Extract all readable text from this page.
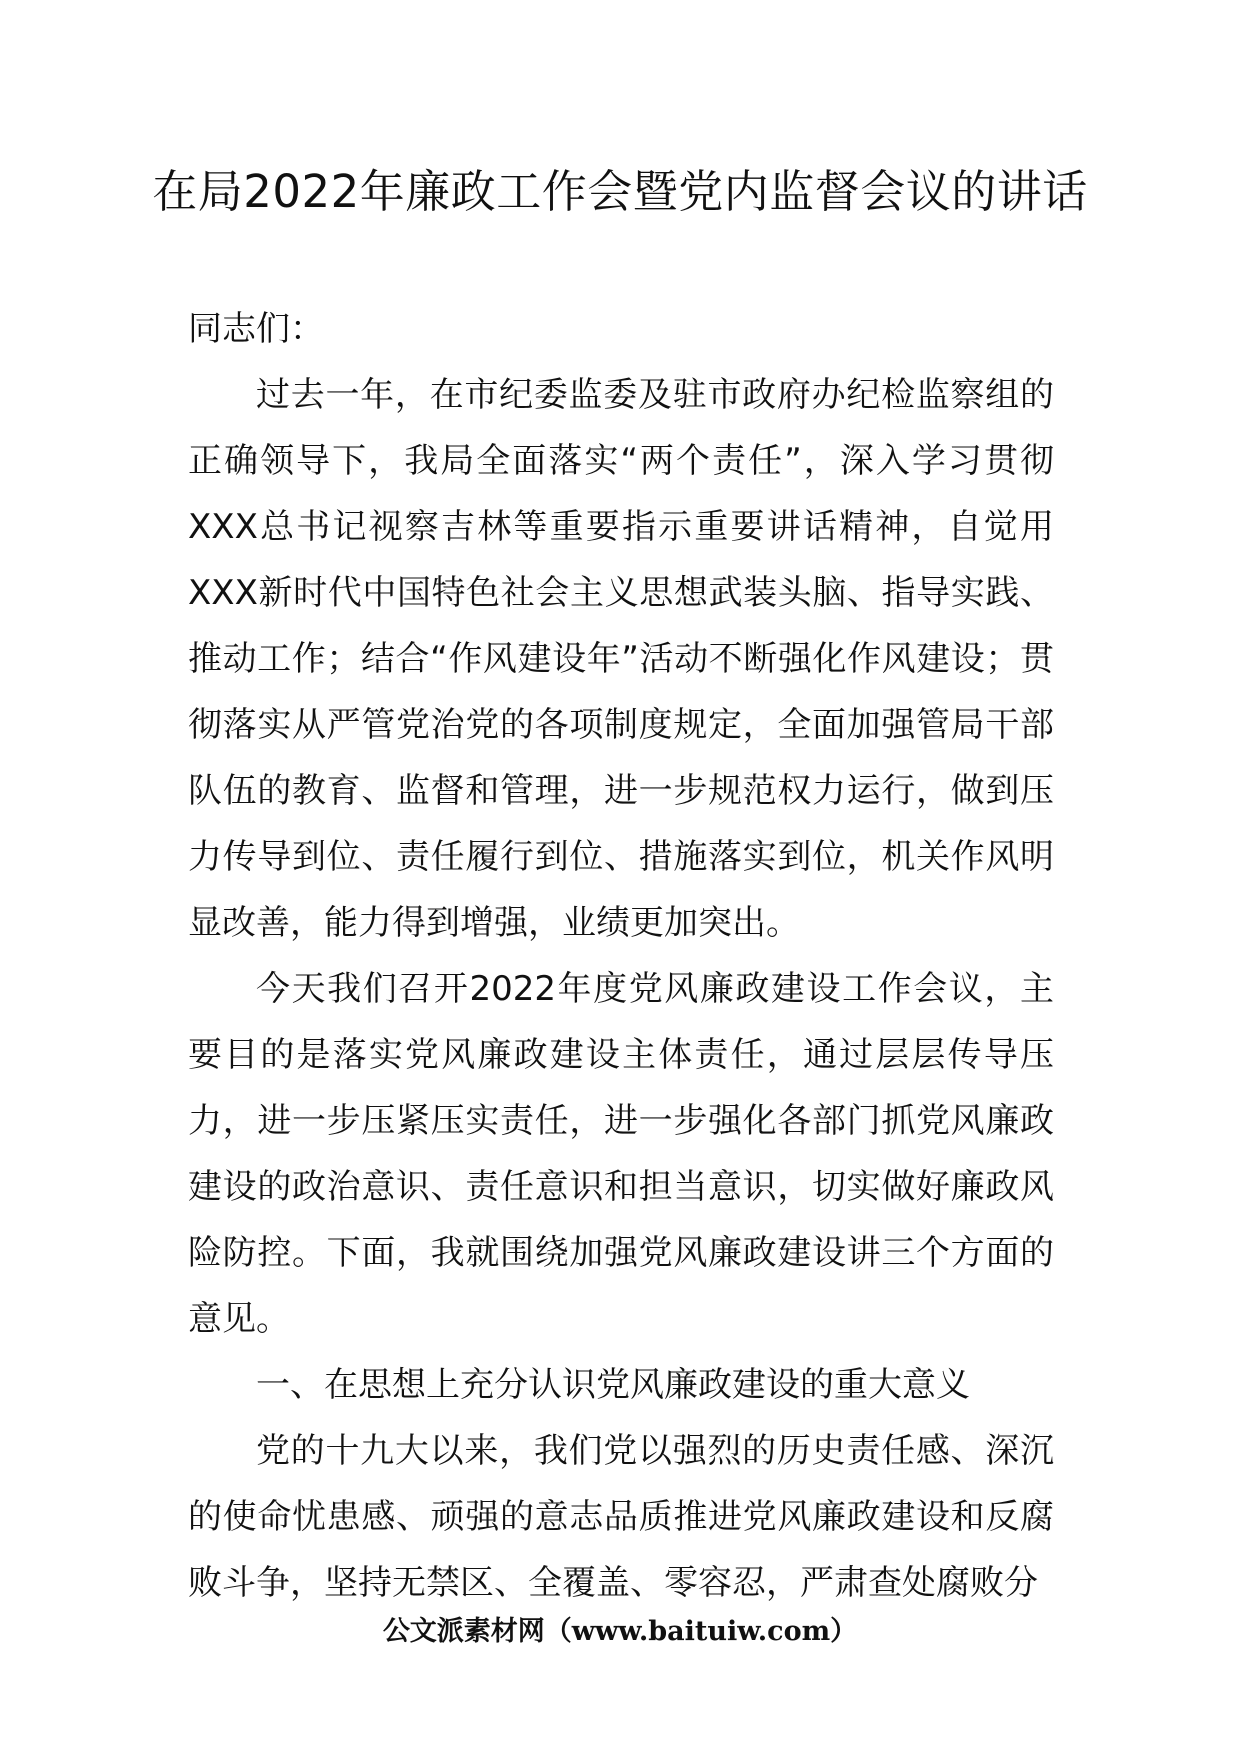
在局2022年廉政工作会暨党内监督会议的讲话

同志们：

过去一年，在市纪委监委及驻市政府办纪检监察组的正确领导下，我局全面落实“两个责任”，深入学习贯彻XXX总书记视察吉林等重要指示重要讲话精神，自觉用XXX新时代中国特色社会主义思想武装头脑、指导实践、推动工作；结合“作风建设年”活动不断强化作风建设；贯彻落实从严管党治党的各项制度规定，全面加强管局干部队伍的教育、监督和管理，进一步规范权力运行，做到压力传导到位、责任履行到位、措施落实到位，机关作风明显改善，能力得到增强，业绩更加突出。

今天我们召开2022年度党风廉政建设工作会议，主要目的是落实党风廉政建设主体责任，通过层层传导压力，进一步压紧压实责任，进一步强化各部门抓党风廉政建设的政治意识、责任意识和担当意识，切实做好廉政风险防控。下面，我就围绕加强党风廉政建设讲三个方面的意见。

一、在思想上充分认识党风廉政建设的重大意义

党的十九大以来，我们党以强烈的历史责任感、深沉的使命忧患感、顽强的意志品质推进党风廉政建设和反腐败斗争，坚持无禁区、全覆盖、零容忍，严肃查处腐败分

公文派素材网（www.baituiw.com）
